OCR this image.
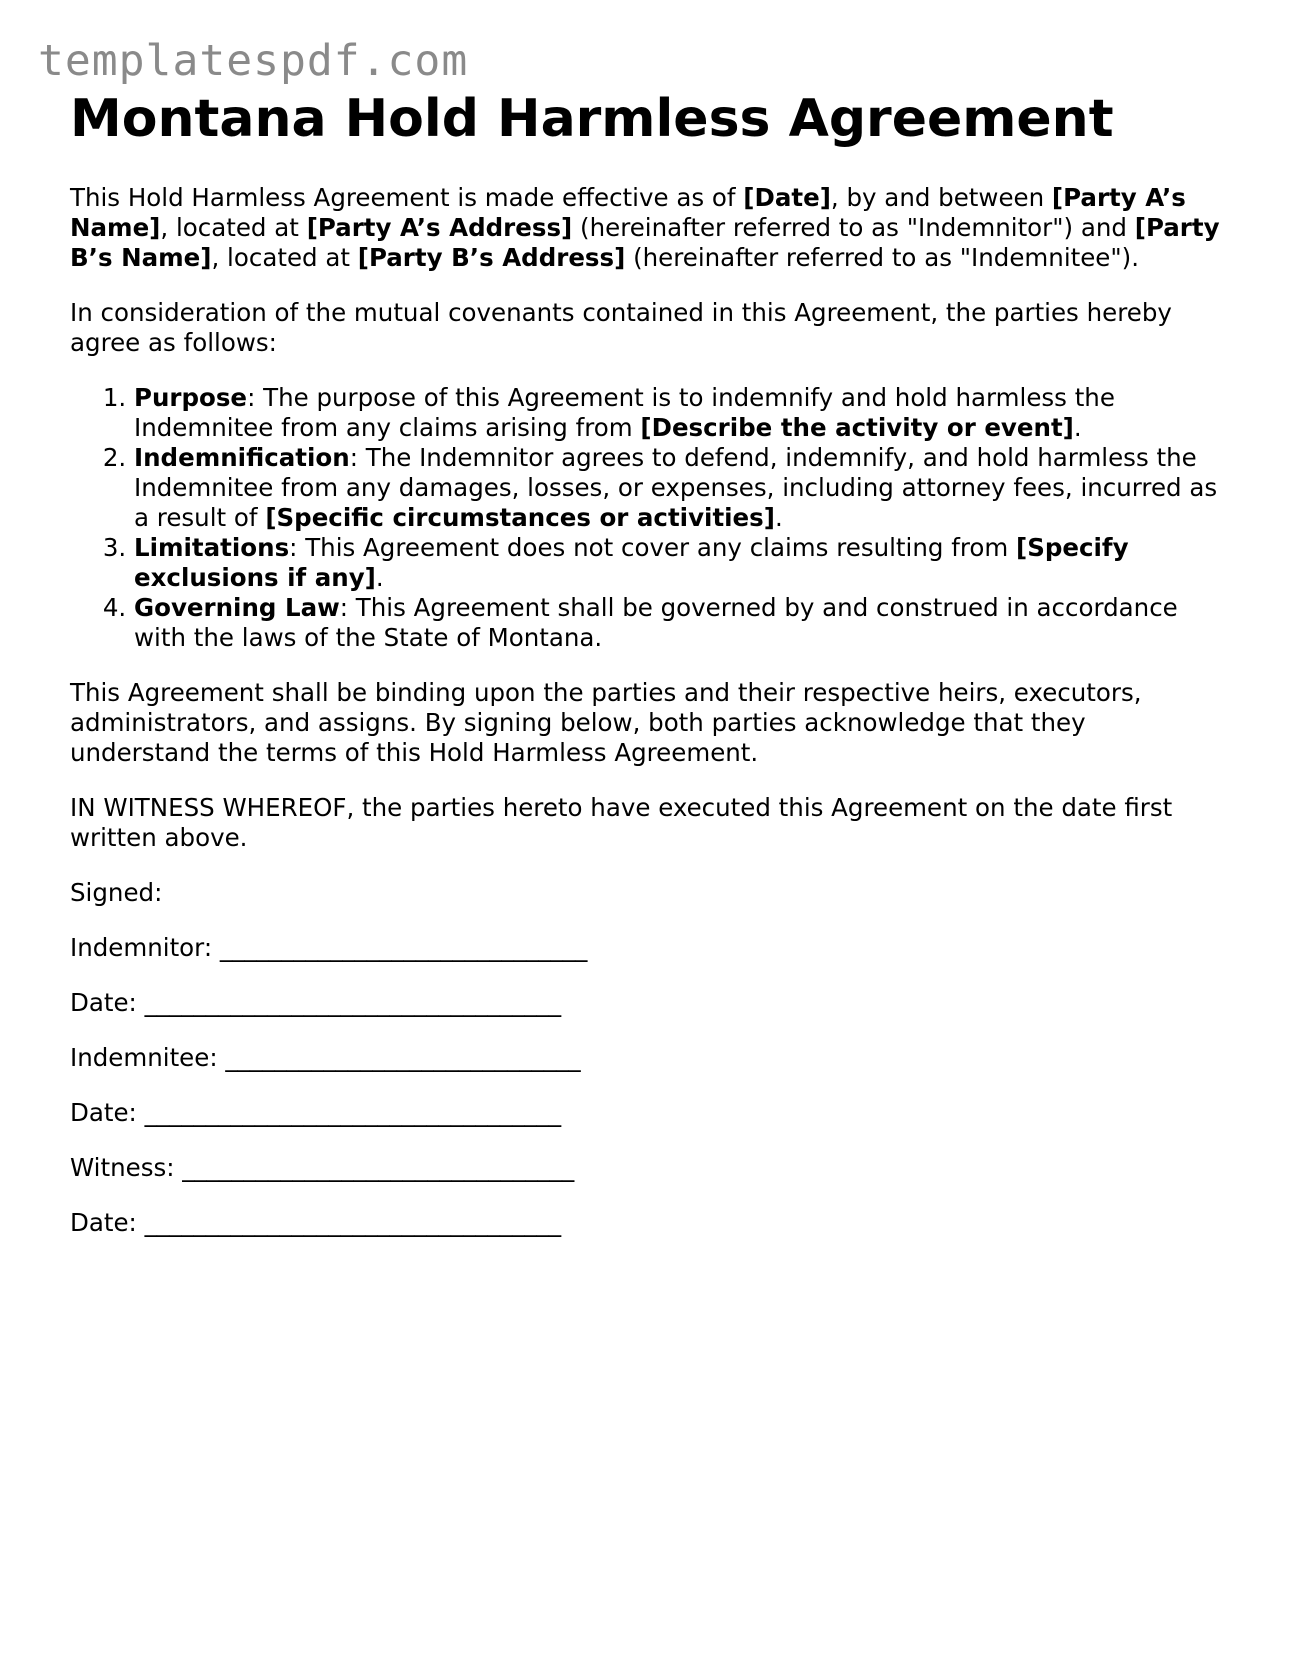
templatespdf.com
Montana Hold Harmless Agreement

This Hold Harmless Agreement is made effective as of [Date], by and between [Party A’s Name], located at [Party A’s Address] (hereinafter referred to as "Indemnitor") and [Party B’s Name], located at [Party B’s Address] (hereinafter referred to as "Indemnitee").

In consideration of the mutual covenants contained in this Agreement, the parties hereby agree as follows:

1. Purpose: The purpose of this Agreement is to indemnify and hold harmless the Indemnitee from any claims arising from [Describe the activity or event].
2. Indemnification: The Indemnitor agrees to defend, indemnify, and hold harmless the Indemnitee from any damages, losses, or expenses, including attorney fees, incurred as a result of [Specific circumstances or activities].
3. Limitations: This Agreement does not cover any claims resulting from [Specify exclusions if any].
4. Governing Law: This Agreement shall be governed by and construed in accordance with the laws of the State of Montana.

This Agreement shall be binding upon the parties and their respective heirs, executors, administrators, and assigns. By signing below, both parties acknowledge that they understand the terms of this Hold Harmless Agreement.

IN WITNESS WHEREOF, the parties hereto have executed this Agreement on the date first written above.

Signed:

Indemnitor: ______________________________

Date: __________________________________

Indemnitee: _____________________________

Date: __________________________________

Witness: ________________________________

Date: __________________________________
